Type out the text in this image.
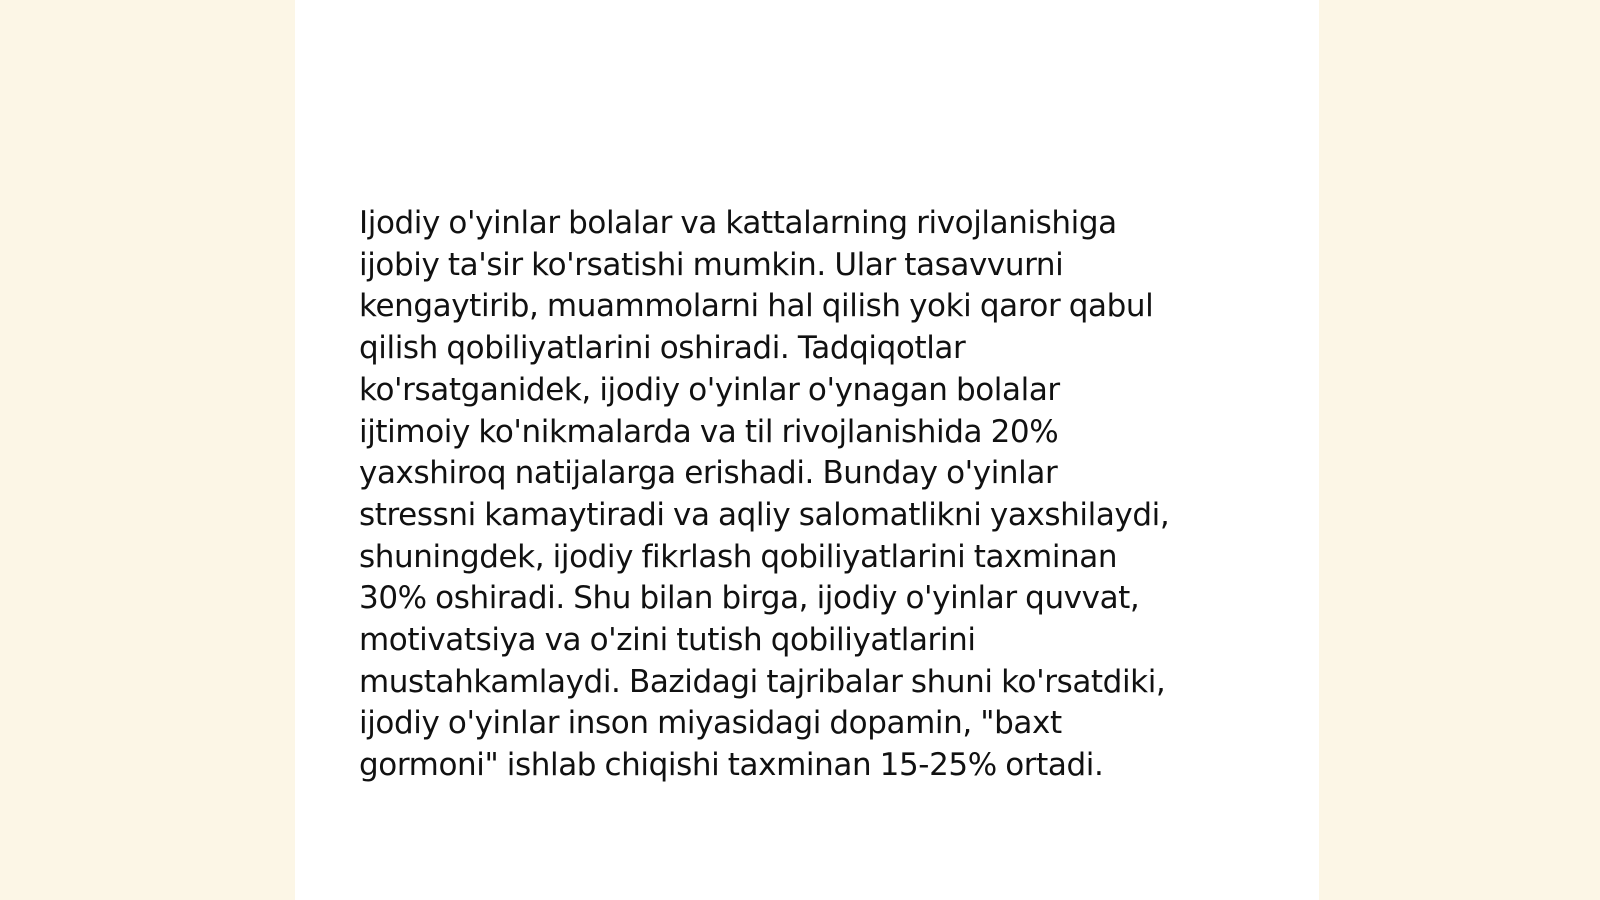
Ijodiy o'yinlar bolalar va kattalarning rivojlanishiga
ijobiy ta'sir ko'rsatishi mumkin. Ular tasavvurni
kengaytirib, muammolarni hal qilish yoki qaror qabul
qilish qobiliyatlarini oshiradi. Tadqiqotlar
ko'rsatganidek, ijodiy o'yinlar o'ynagan bolalar
ijtimoiy ko'nikmalarda va til rivojlanishida 20%
yaxshiroq natijalarga erishadi. Bunday o'yinlar
stressni kamaytiradi va aqliy salomatlikni yaxshilaydi,
shuningdek, ijodiy fikrlash qobiliyatlarini taxminan
30% oshiradi. Shu bilan birga, ijodiy o'yinlar quvvat,
motivatsiya va o'zini tutish qobiliyatlarini
mustahkamlaydi. Bazidagi tajribalar shuni ko'rsatdiki,
ijodiy o'yinlar inson miyasidagi dopamin, "baxt
gormoni" ishlab chiqishi taxminan 15-25% ortadi.
